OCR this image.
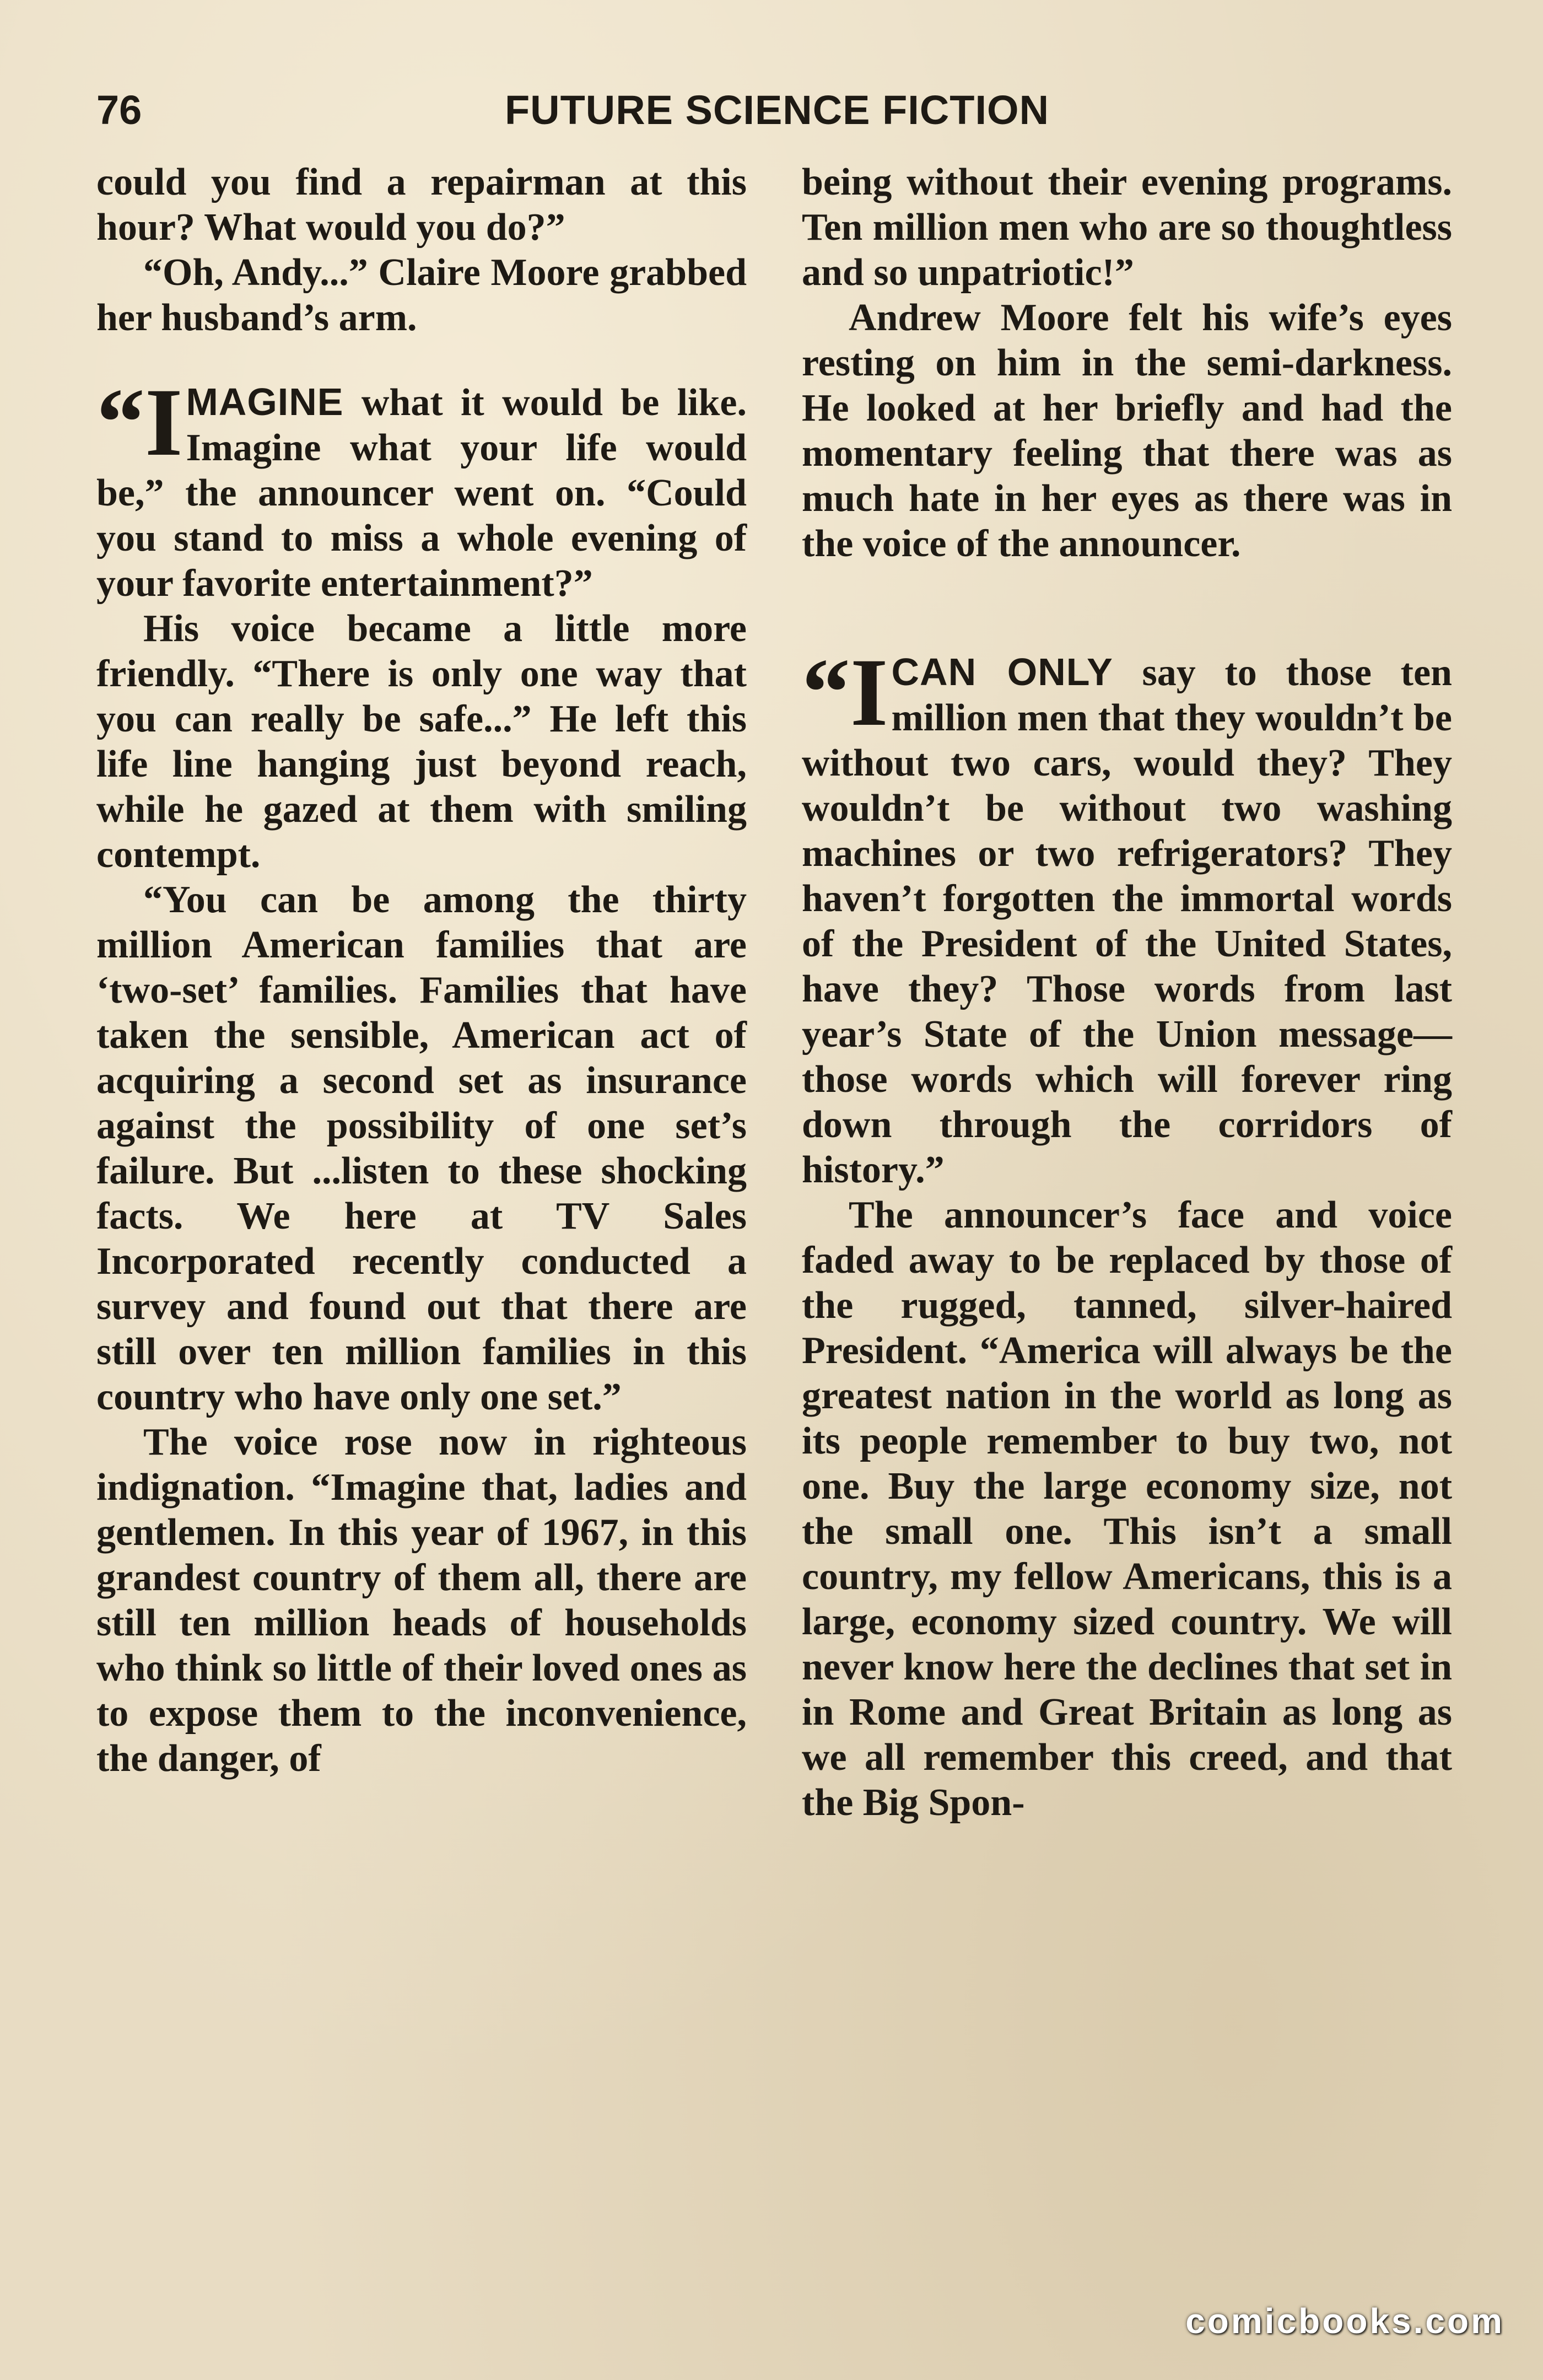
76	FUTURE SCIENCE FICTION

could you find a repairman at this hour? What would you do?”

“Oh, Andy...” Claire Moore grabbed her husband’s arm.

“I MAGINE what it would be like. Imagine what your life would be,” the announcer went on. “Could you stand to miss a whole evening of your favorite entertainment?”

His voice became a little more friendly. “There is only one way that you can really be safe...” He left this life line hanging just beyond reach, while he gazed at them with smiling contempt.

“You can be among the thirty million American families that are ‘two-set’ families. Families that have taken the sensible, American act of acquiring a second set as insurance against the possibility of one set’s failure. But ...listen to these shocking facts. We here at TV Sales Incorporated recently conducted a survey and found out that there are still over ten million families in this country who have only one set.”

The voice rose now in righteous indignation. “Imagine that, ladies and gentlemen. In this year of 1967, in this grandest country of them all, there are still ten million heads of households who think so little of their loved ones as to expose them to the inconvenience, the danger, of

being without their evening programs. Ten million men who are so thoughtless and so unpatriotic!”

Andrew Moore felt his wife’s eyes resting on him in the semi-darkness. He looked at her briefly and had the momentary feeling that there was as much hate in her eyes as there was in the voice of the announcer.

“I CAN ONLY say to those ten million men that they wouldn’t be without two cars, would they? They wouldn’t be without two washing machines or two refrigerators? They haven’t forgotten the immortal words of the President of the United States, have they? Those words from last year’s State of the Union message—those words which will forever ring down through the corridors of history.”

The announcer’s face and voice faded away to be replaced by those of the rugged, tanned, silver-haired President. “America will always be the greatest nation in the world as long as its people remember to buy two, not one. Buy the large economy size, not the small one. This isn’t a small country, my fellow Americans, this is a large, economy sized country. We will never know here the declines that set in in Rome and Great Britain as long as we all remember this creed, and that the Big Spon-

comicbooks.com
